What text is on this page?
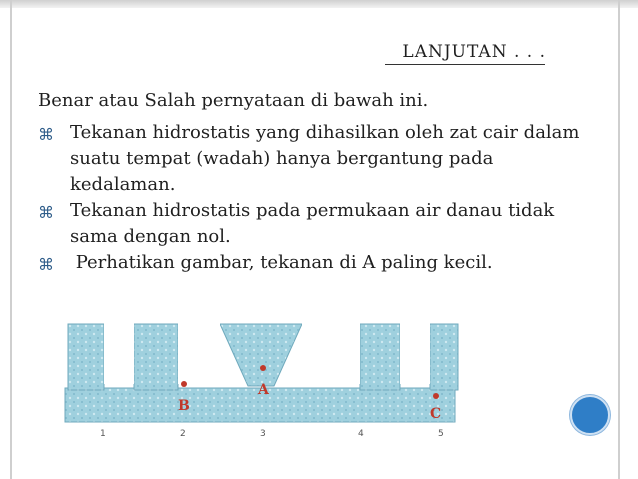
LANJUTAN . . .
Benar atau Salah pernyataan di bawah ini.
⌘ Tekanan hidrostatis yang dihasilkan oleh zat cair dalam suatu tempat (wadah) hanya bergantung pada kedalaman.
⌘ Tekanan hidrostatis pada permukaan air danau tidak sama dengan nol.
⌘ Perhatikan gambar, tekanan di A paling kecil.
1	2	3	4	5
B
A
C
